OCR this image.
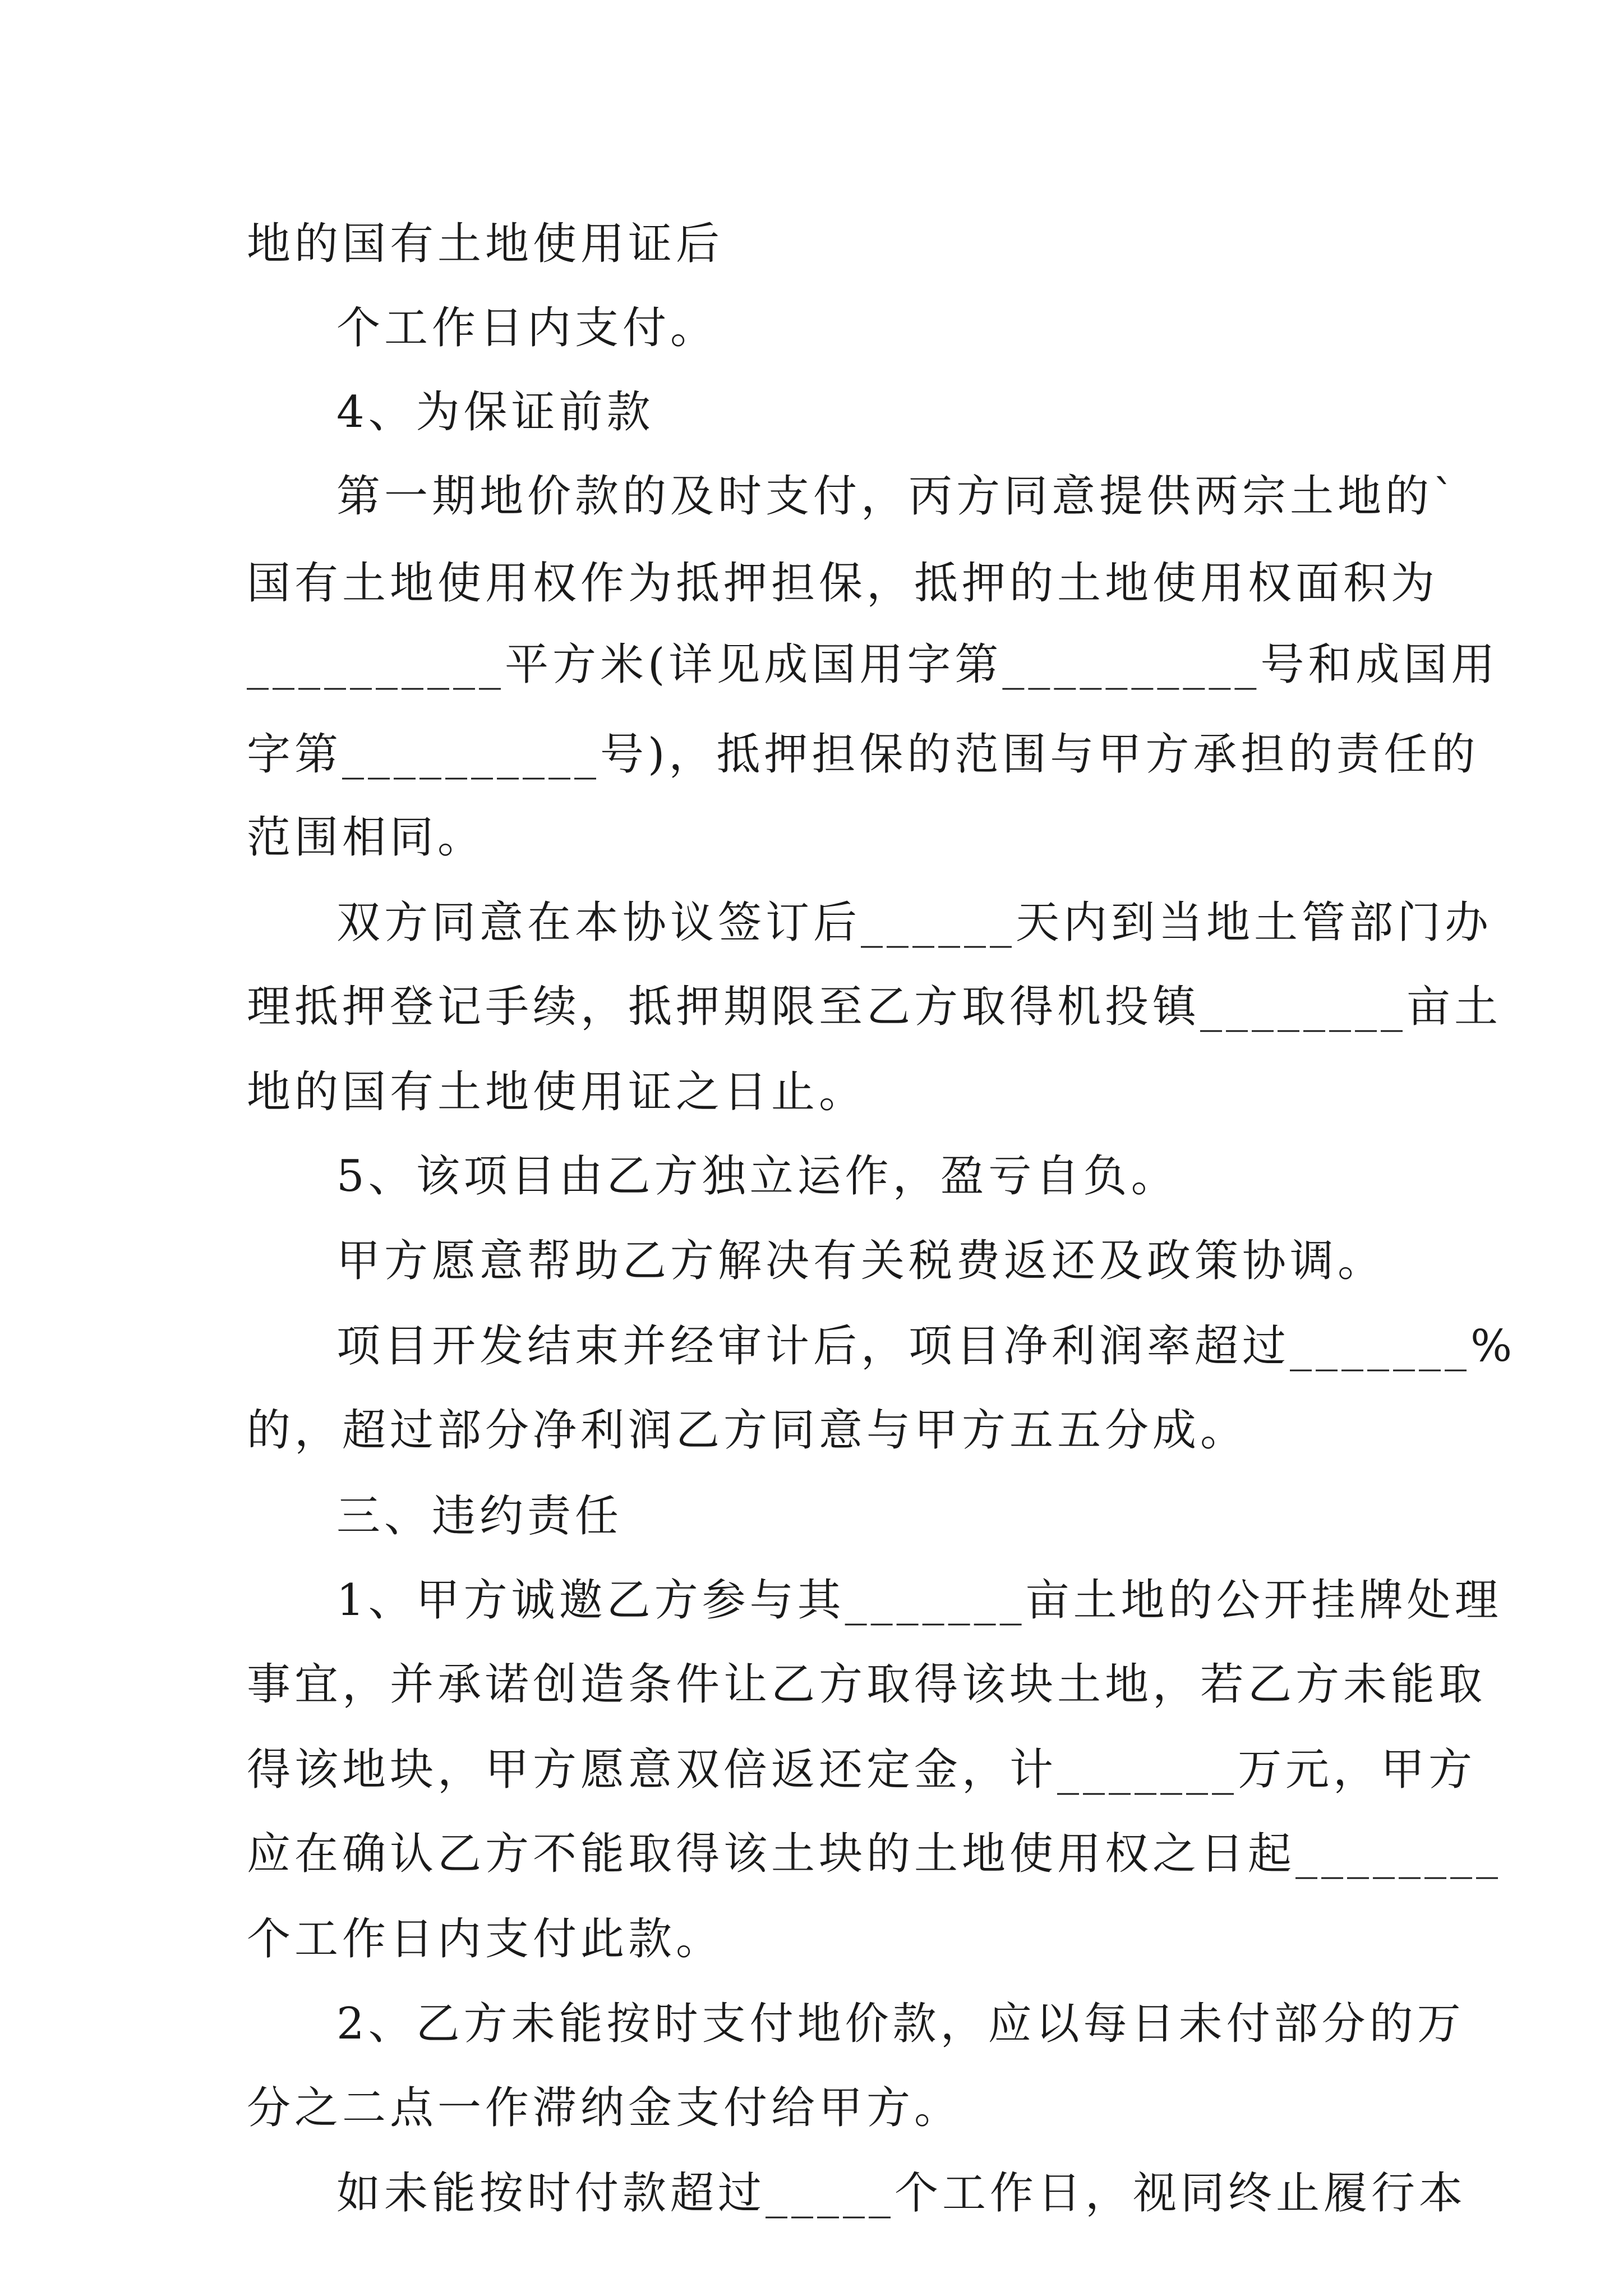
地的国有土地使用证后
个工作日内支付。
4、为保证前款
第一期地价款的及时支付，丙方同意提供两宗土地的`
国有土地使用权作为抵押担保，抵押的土地使用权面积为
__________平方米(详见成国用字第__________号和成国用
字第__________号)，抵押担保的范围与甲方承担的责任的
范围相同。
双方同意在本协议签订后______天内到当地土管部门办
理抵押登记手续，抵押期限至乙方取得机投镇________亩土
地的国有土地使用证之日止。
5、该项目由乙方独立运作，盈亏自负。
甲方愿意帮助乙方解决有关税费返还及政策协调。
项目开发结束并经审计后，项目净利润率超过_______%
的，超过部分净利润乙方同意与甲方五五分成。
三、违约责任
1、甲方诚邀乙方参与其_______亩土地的公开挂牌处理
事宜，并承诺创造条件让乙方取得该块土地，若乙方未能取
得该地块，甲方愿意双倍返还定金，计_______万元，甲方
应在确认乙方不能取得该土块的土地使用权之日起________
个工作日内支付此款。
2、乙方未能按时支付地价款，应以每日未付部分的万
分之二点一作滞纳金支付给甲方。
如未能按时付款超过_____个工作日，视同终止履行本
